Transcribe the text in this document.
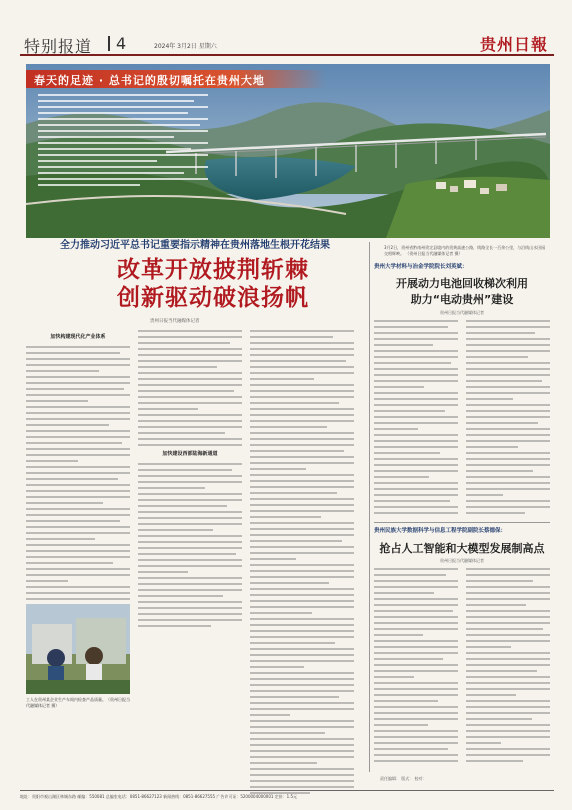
特别报道 4	2024年 3月2日 星期六	贵州日報
春天的足迹 · 总书记的殷切嘱托在贵州大地
全力推动习近平总书记重要指示精神在贵州落地生根开花结果
改革开放披荆斩棘
创新驱动破浪扬帆
贵州日报当代融媒体记者
加快构建现代化产业体系
加快建设西部陆海新通道
工人在贵州某企业生产车间内检查产品质量。（贵州日报当代融媒体记者 摄）
3月2日，贵州省黔南州贵定县境内的贵黄高速公路，线路全长一百余公里，与沿线山水田园交相辉映。 （贵州日报当代融媒体记者 摄）
贵州大学材料与冶金学院院长刘英斌：
开展动力电池回收梯次利用
助力“电动贵州”建设
贵州日报当代融媒体记者
贵州民族大学数据科学与信息工程学院副院长蔡德保：
抢占人工智能和大模型发展制高点
贵州日报当代融媒体记者
责任编辑： 版式： 校对：
地址：贵阳市观山湖区林城东路 邮编：550081 总编室电话：0851-86627123 新闻热线：0851-86627555 广告许可证：5200004000001 定价：1.5元
